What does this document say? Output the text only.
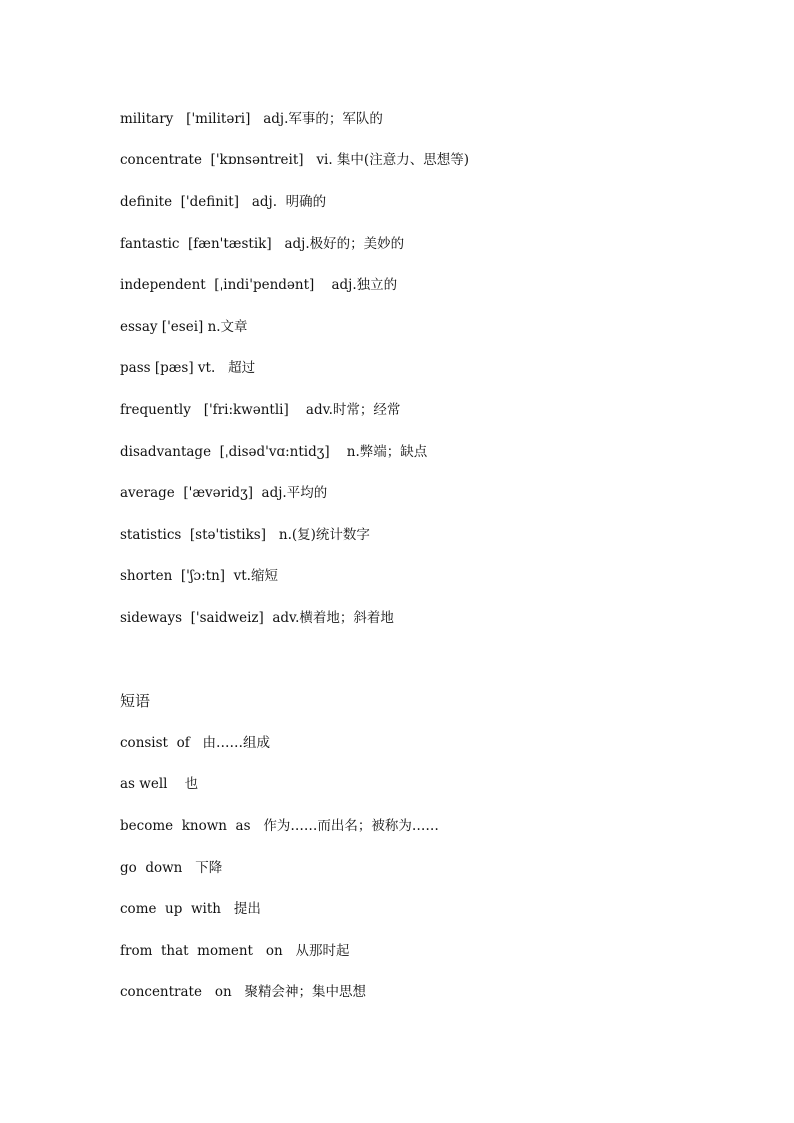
military   ['militəri]   adj.军事的；军队的
concentrate  ['kɒnsəntreit]   vi. 集中(注意力、思想等)
definite  ['definit]   adj.  明确的
fantastic  [fæn'tæstik]   adj.极好的；美妙的
independent  [ˌindi'pendənt]    adj.独立的
essay ['esei] n.文章
pass [pæs] vt.   超过
frequently   ['fri:kwəntli]    adv.时常；经常
disadvantage  [ˌdisəd'vɑ:ntidʒ]    n.弊端；缺点
average  ['ævəridʒ]  adj.平均的
statistics  [stə'tistiks]   n.(复)统计数字
shorten  ['ʃɔ:tn]  vt.缩短
sideways  ['saidweiz]  adv.横着地；斜着地
短语
consist  of   由……组成
as well    也
become  known  as   作为……而出名；被称为……
go  down   下降
come  up  with   提出
from  that  moment   on   从那时起
concentrate   on   聚精会神；集中思想
